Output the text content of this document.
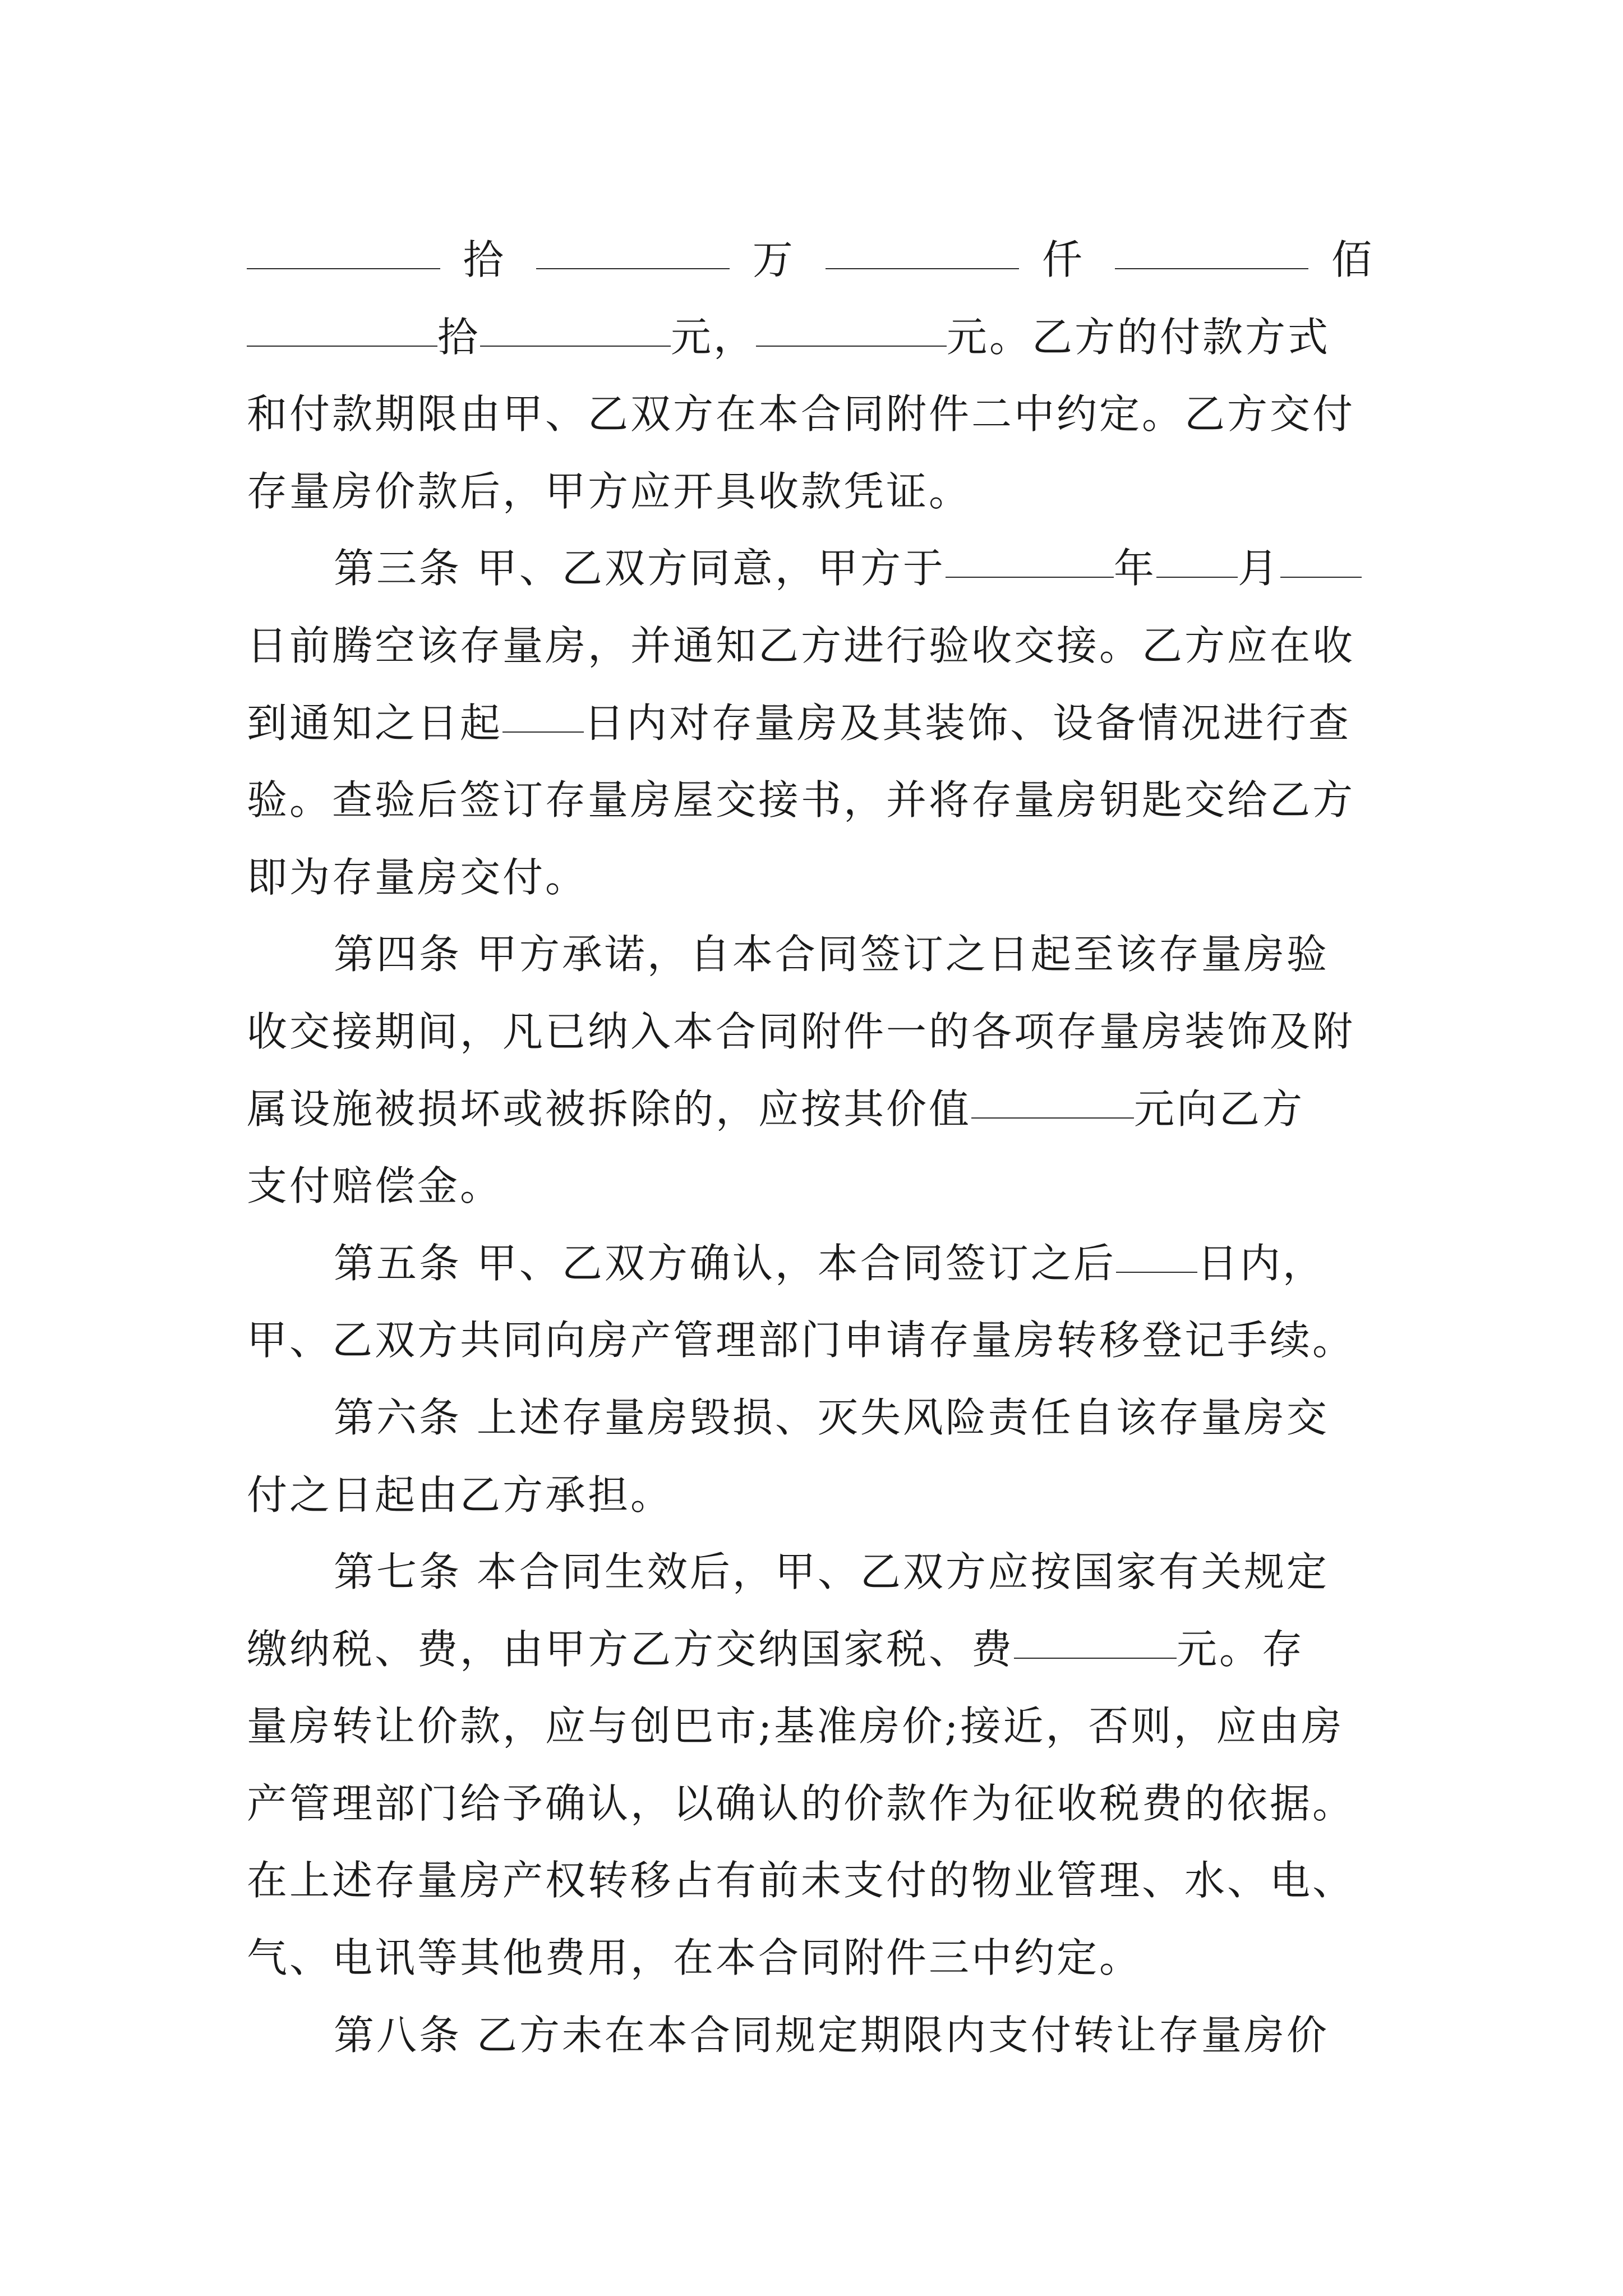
拾	万	仟	佰
拾	元，	元。乙方的付款方式
和付款期限由甲、乙双方在本合同附件二中约定。乙方交付
存量房价款后，甲方应开具收款凭证。
第三条 甲、乙双方同意，甲方于	年 月
日前腾空该存量房，并通知乙方进行验收交接。乙方应在收
到通知之日起 日内对存量房及其装饰、设备情况进行查
验。查验后签订存量房屋交接书，并将存量房钥匙交给乙方
即为存量房交付。
第四条 甲方承诺，自本合同签订之日起至该存量房验
收交接期间，凡已纳入本合同附件一的各项存量房装饰及附
属设施被损坏或被拆除的，应按其价值	元向乙方
支付赔偿金。
第五条 甲、乙双方确认，本合同签订之后 日内，
甲、乙双方共同向房产管理部门申请存量房转移登记手续。
第六条 上述存量房毁损、灭失风险责任自该存量房交
付之日起由乙方承担。
第七条 本合同生效后，甲、乙双方应按国家有关规定
缴纳税、费，由甲方乙方交纳国家税、费	元。存
量房转让价款，应与创巴市;基准房价;接近，否则，应由房
产管理部门给予确认，以确认的价款作为征收税费的依据。
在上述存量房产权转移占有前未支付的物业管理、水、电、
气、电讯等其他费用，在本合同附件三中约定。
第八条 乙方未在本合同规定期限内支付转让存量房价
